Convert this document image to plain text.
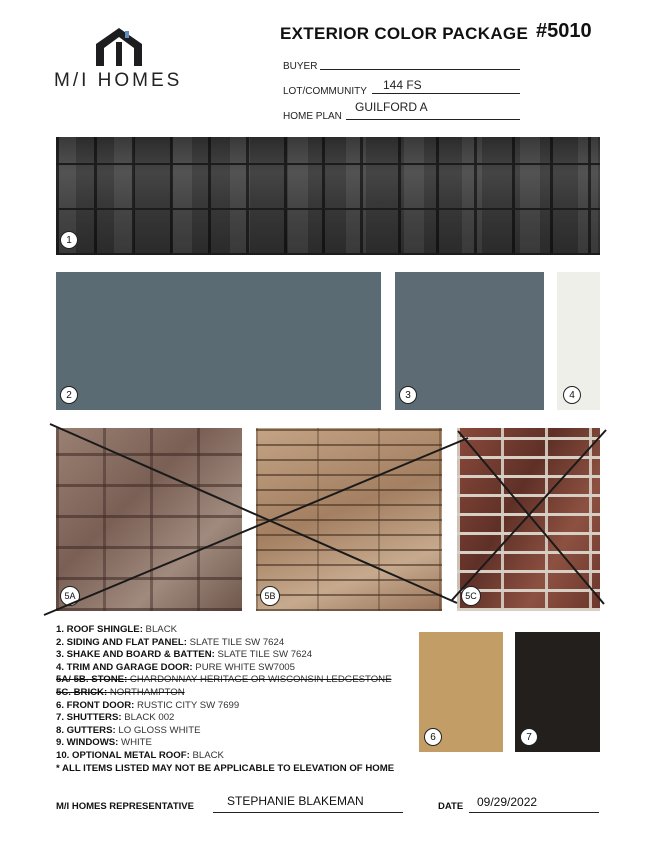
M/I HOMES
EXTERIOR COLOR PACKAGE #5010
BUYER
LOT/COMMUNITY 144 FS
HOME PLAN
GUILFORD A
1
2	3	4
5A	5B	5C
1. ROOF SHINGLE: BLACK
2. SIDING AND FLAT PANEL: SLATE TILE SW 7624
3. SHAKE AND BOARD & BATTEN: SLATE TILE SW 7624
4. TRIM AND GARAGE DOOR: PURE WHITE SW7005
5A/ 5B. STONE: CHARDONNAY HERITAGE OR WISCONSIN LEDGESTONE
5C. BRICK: NORTHAMPTON
6. FRONT DOOR: RUSTIC CITY SW 7699
7. SHUTTERS: BLACK 002
8. GUTTERS: LO GLOSS WHITE
9. WINDOWS: WHITE
10. OPTIONAL METAL ROOF: BLACK
* ALL ITEMS LISTED MAY NOT BE APPLICABLE TO ELEVATION OF HOME
6	7
M/I HOMES REPRESENTATIVE	STEPHANIE BLAKEMAN	DATE 09/29/2022
